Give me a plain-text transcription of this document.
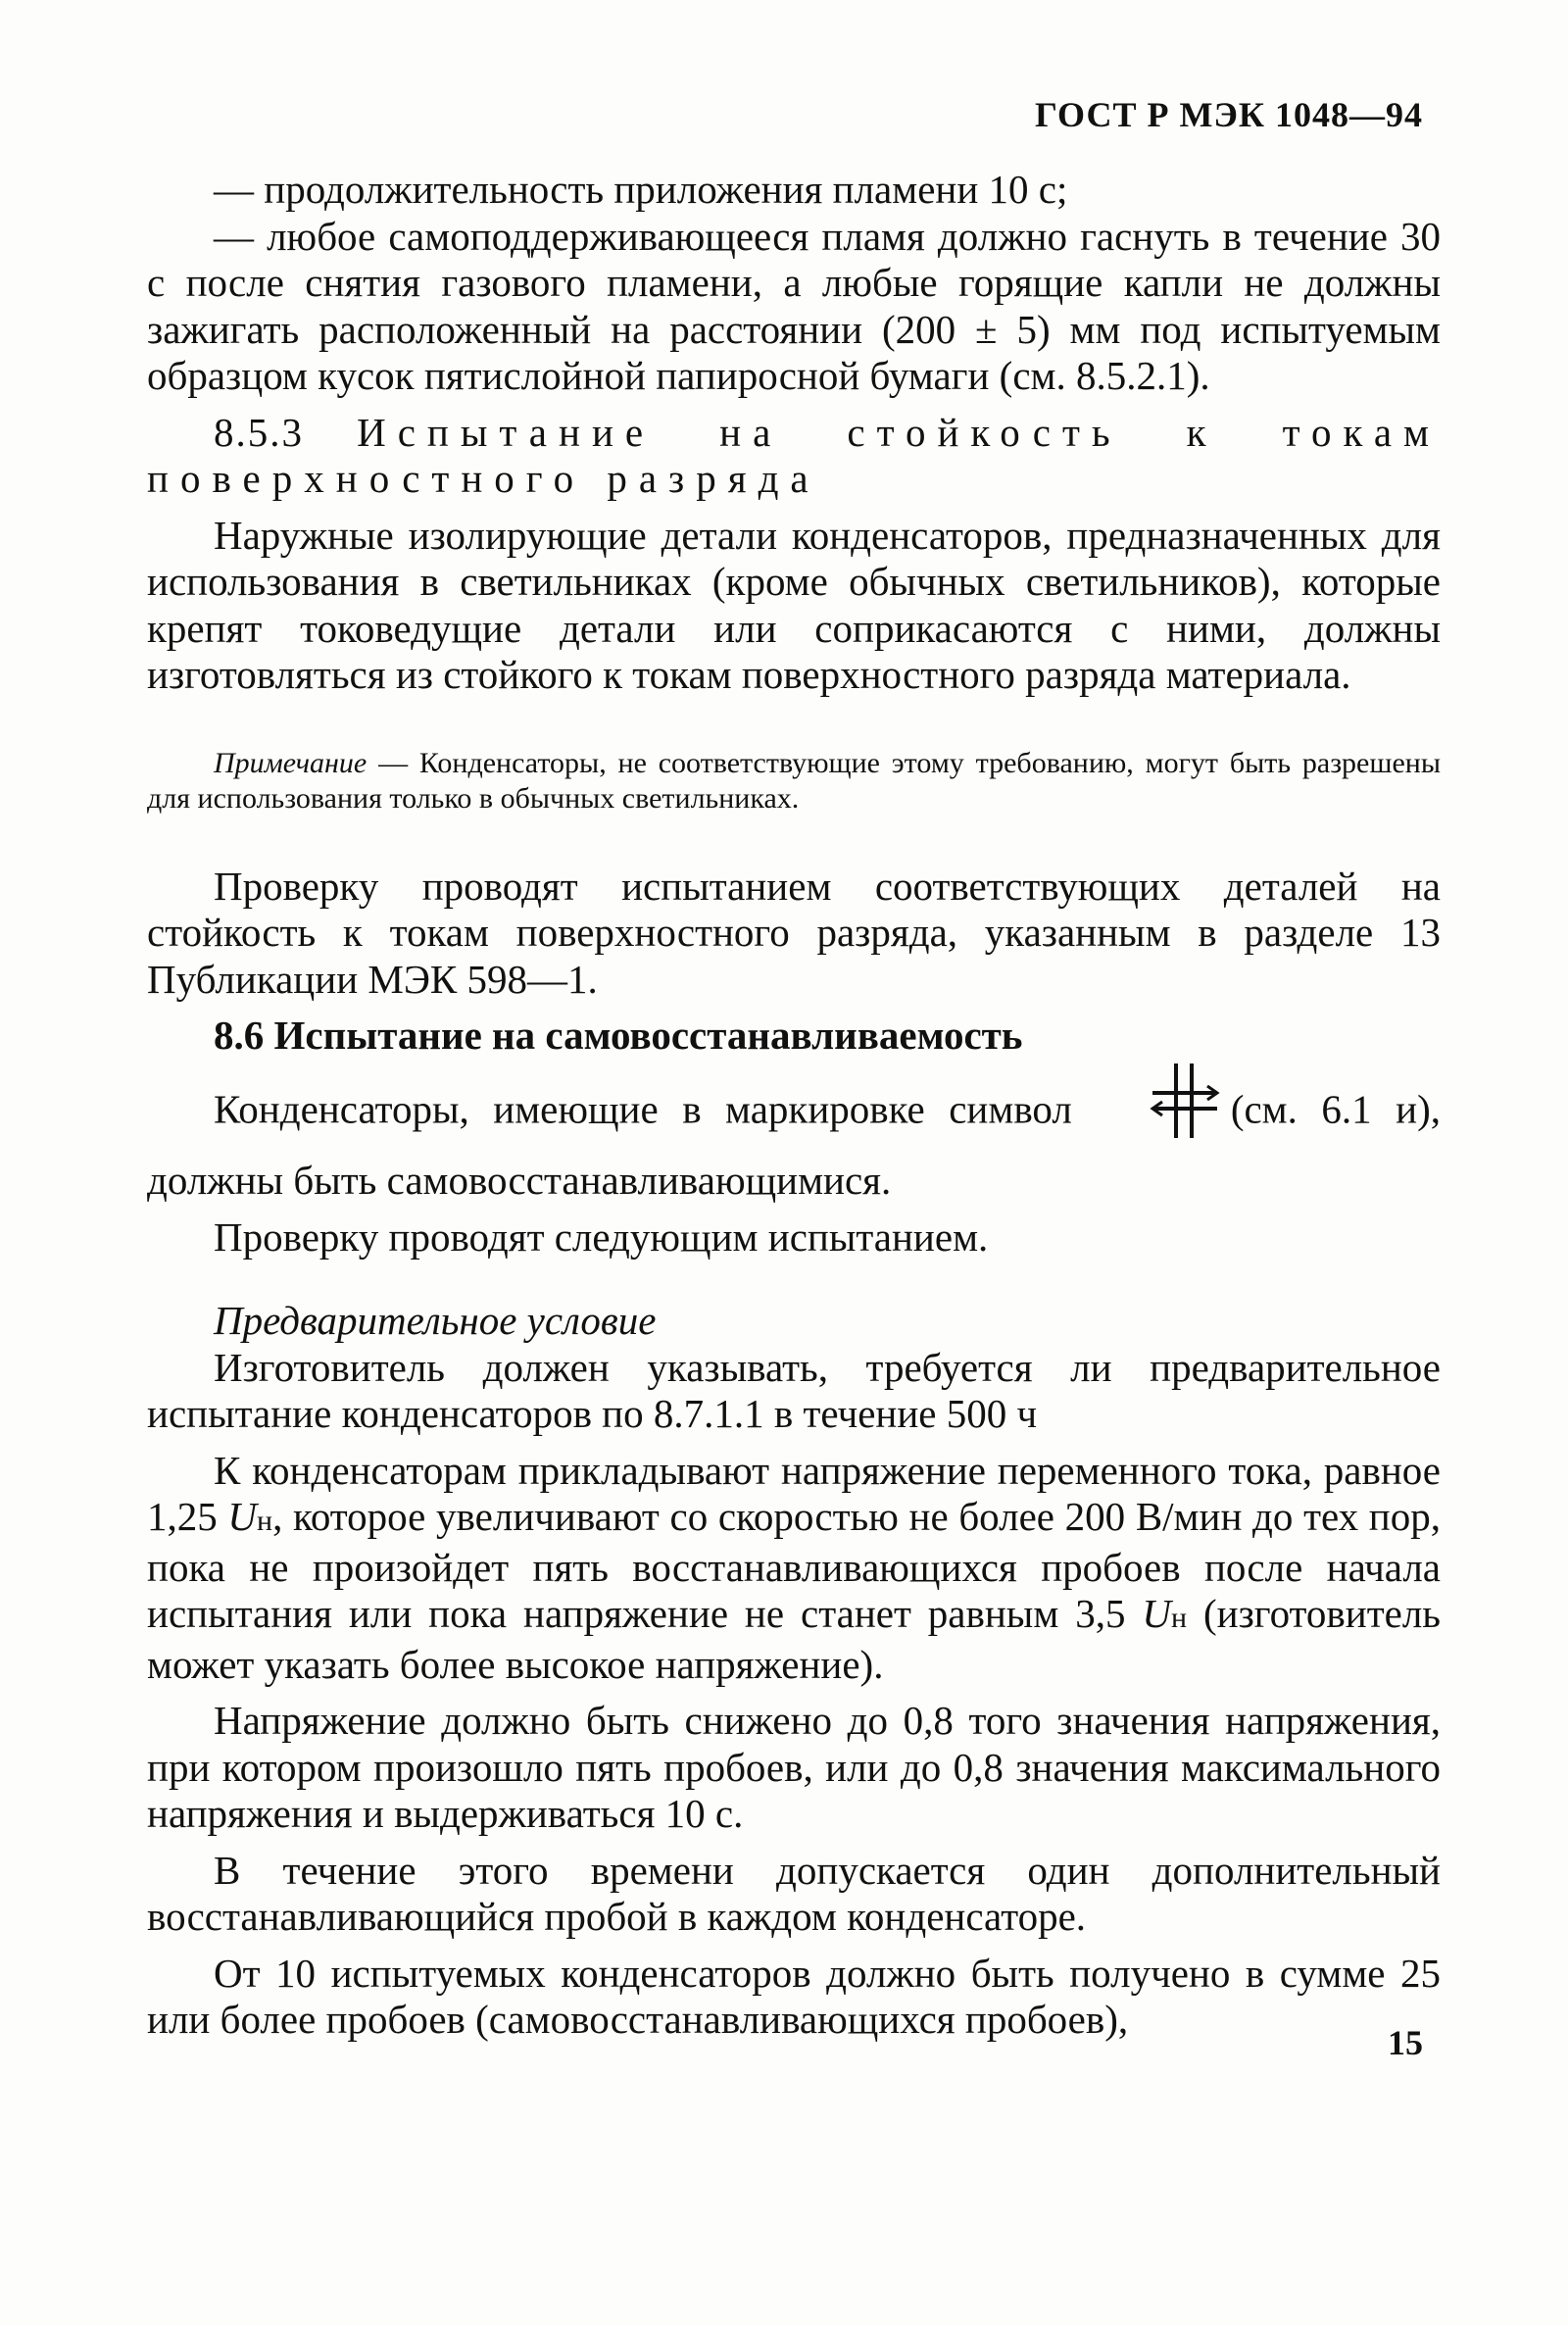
ГОСТ Р МЭК 1048—94

— продолжительность приложения пламени 10 с;

— любое самоподдерживающееся пламя должно гаснуть в течение 30 с после снятия газового пламени, а любые горящие капли не должны зажигать расположенный на расстоянии (200 ± 5) мм под испытуемым образцом кусок пятислойной папиросной бумаги (см. 8.5.2.1).

8.5.3 Испытание на стойкость к токам поверхностного разряда

Наружные изолирующие детали конденсаторов, предназначенных для использования в светильниках (кроме обычных светильников), которые крепят токоведущие детали или соприкасаются с ними, должны изготовляться из стойкого к токам поверхностного разряда материала.

Примечание — Конденсаторы, не соответствующие этому требованию, могут быть разрешены для использования только в обычных светильниках.

Проверку проводят испытанием соответствующих деталей на стойкость к токам поверхностного разряда, указанным в разделе 13 Публикации МЭК 598—1.

8.6 Испытание на самовосстанавливаемость

Конденсаторы, имеющие в маркировке символ	(см. 6.1 и), должны быть самовосстанавливающимися.

Проверку проводят следующим испытанием.

Предварительное условие

Изготовитель должен указывать, требуется ли предварительное испытание конденсаторов по 8.7.1.1 в течение 500 ч

К конденсаторам прикладывают напряжение переменного тока, равное 1,25 Uн, которое увеличивают со скоростью не более 200 В/мин до тех пор, пока не произойдет пять восстанавливающихся пробоев после начала испытания или пока напряжение не станет равным 3,5 Uн (изготовитель может указать более высокое напряжение).

Напряжение должно быть снижено до 0,8 того значения напряжения, при котором произошло пять пробоев, или до 0,8 значения максимального напряжения и выдерживаться 10 с.

В течение этого времени допускается один дополнительный восстанавливающийся пробой в каждом конденсаторе.

От 10 испытуемых конденсаторов должно быть получено в сумме 25 или более пробоев (самовосстанавливающихся пробоев),

15
